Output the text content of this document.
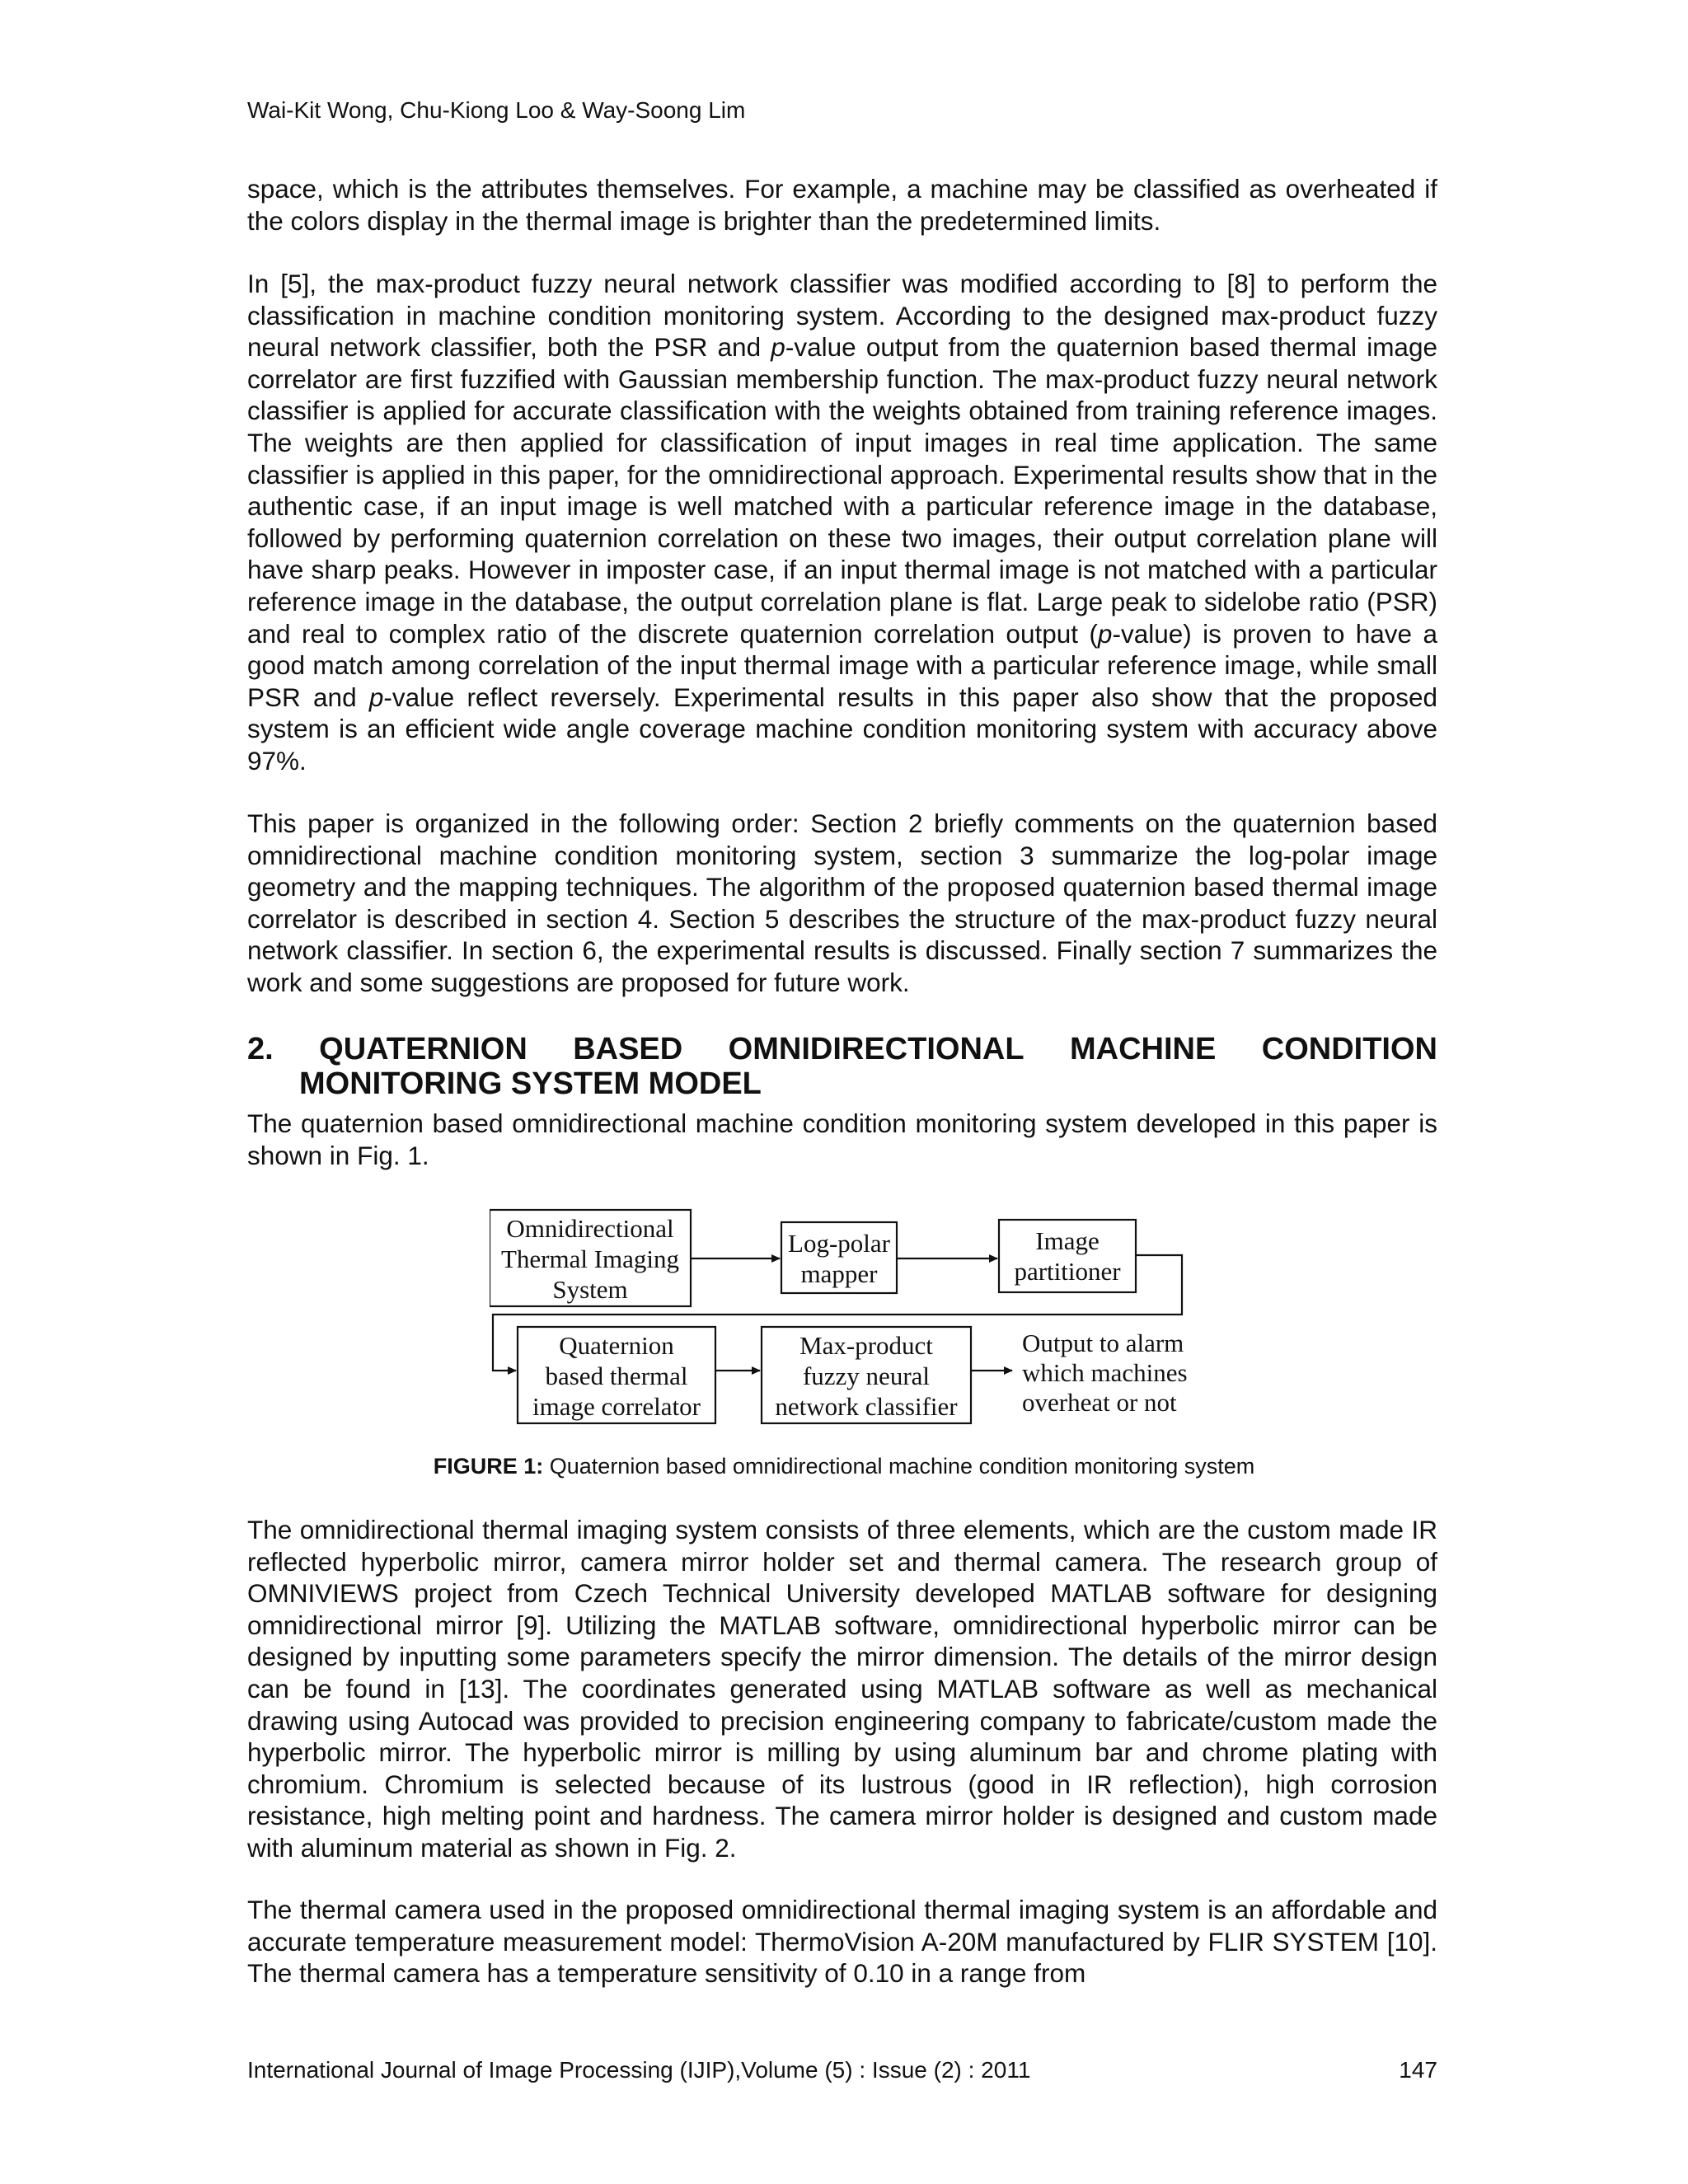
Wai-Kit Wong, Chu-Kiong Loo & Way-Soong Lim
space, which is the attributes themselves. For example, a machine may be classified as overheated if the colors display in the thermal image is brighter than the predetermined limits.
In [5], the max-product fuzzy neural network classifier was modified according to [8] to perform the classification in machine condition monitoring system. According to the designed max-product fuzzy neural network classifier, both the PSR and p-value output from the quaternion based thermal image correlator are first fuzzified with Gaussian membership function. The max-product fuzzy neural network classifier is applied for accurate classification with the weights obtained from training reference images. The weights are then applied for classification of input images in real time application. The same classifier is applied in this paper, for the omnidirectional approach. Experimental results show that in the authentic case, if an input image is well matched with a particular reference image in the database, followed by performing quaternion correlation on these two images, their output correlation plane will have sharp peaks. However in imposter case, if an input thermal image is not matched with a particular reference image in the database, the output correlation plane is flat. Large peak to sidelobe ratio (PSR) and real to complex ratio of the discrete quaternion correlation output (p-value) is proven to have a good match among correlation of the input thermal image with a particular reference image, while small PSR and p-value reflect reversely. Experimental results in this paper also show that the proposed system is an efficient wide angle coverage machine condition monitoring system with accuracy above 97%.
This paper is organized in the following order: Section 2 briefly comments on the quaternion based omnidirectional machine condition monitoring system, section 3 summarize the log-polar image geometry and the mapping techniques. The algorithm of the proposed quaternion based thermal image correlator is described in section 4. Section 5 describes the structure of the max-product fuzzy neural network classifier. In section 6, the experimental results is discussed. Finally section 7 summarizes the work and some suggestions are proposed for future work.
2. QUATERNION BASED OMNIDIRECTIONAL MACHINE CONDITION
MONITORING SYSTEM MODEL
The quaternion based omnidirectional machine condition monitoring system developed in this paper is shown in Fig. 1.
Omnidirectional
Thermal Imaging
System
Log-polar
mapper
Image
partitioner
Quaternion
based thermal
image correlator
Max-product
fuzzy neural
network classifier
Output to alarm
which machines
overheat or not
FIGURE 1: Quaternion based omnidirectional machine condition monitoring system
The omnidirectional thermal imaging system consists of three elements, which are the custom made IR reflected hyperbolic mirror, camera mirror holder set and thermal camera. The research group of OMNIVIEWS project from Czech Technical University developed MATLAB software for designing omnidirectional mirror [9]. Utilizing the MATLAB software, omnidirectional hyperbolic mirror can be designed by inputting some parameters specify the mirror dimension. The details of the mirror design can be found in [13]. The coordinates generated using MATLAB software as well as mechanical drawing using Autocad was provided to precision engineering company to fabricate/custom made the hyperbolic mirror. The hyperbolic mirror is milling by using aluminum bar and chrome plating with chromium. Chromium is selected because of its lustrous (good in IR reflection), high corrosion resistance, high melting point and hardness. The camera mirror holder is designed and custom made with aluminum material as shown in Fig. 2.
The thermal camera used in the proposed omnidirectional thermal imaging system is an affordable and accurate temperature measurement model: ThermoVision A-20M manufactured by FLIR SYSTEM [10]. The thermal camera has a temperature sensitivity of 0.10 in a range from
International Journal of Image Processing (IJIP),Volume (5) : Issue (2) : 2011	147
